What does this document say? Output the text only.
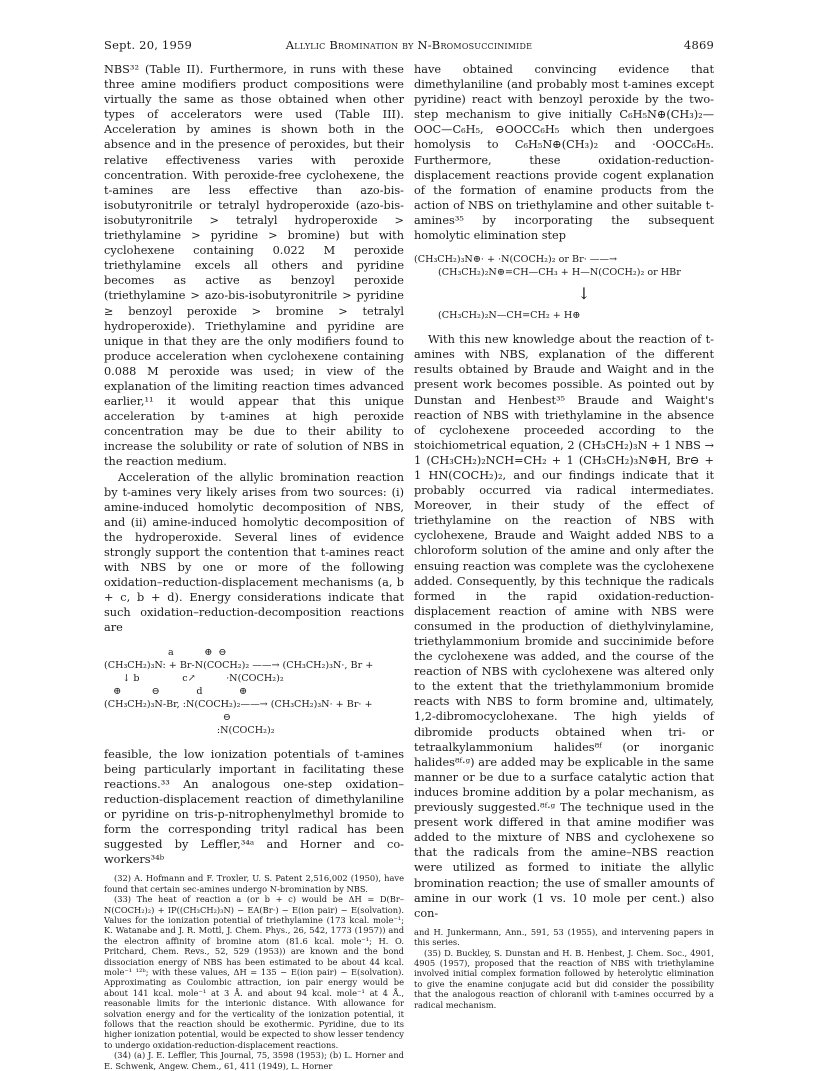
Sept. 20, 1959	Allylic Bromination by N-Bromosuccinimide	4869

NBS³² (Table II). Furthermore, in runs with these three amine modifiers product compositions were virtually the same as those obtained when other types of accelerators were used (Table III). Acceleration by amines is shown both in the absence and in the presence of peroxides, but their relative effectiveness varies with peroxide concentration. With peroxide-free cyclohexene, the t-amines are less effective than azo-bis-isobutyronitrile or tetralyl hydroperoxide (azo-bis-isobutyronitrile > tetralyl hydroperoxide > triethylamine > pyridine > bromine) but with cyclohexene containing 0.022 M peroxide triethylamine excels all others and pyridine becomes as active as benzoyl peroxide (triethylamine > azo-bis-isobutyronitrile > pyridine ≥ benzoyl peroxide > bromine > tetralyl hydroperoxide). Triethylamine and pyridine are unique in that they are the only modifiers found to produce acceleration when cyclohexene containing 0.088 M peroxide was used; in view of the explanation of the limiting reaction times advanced earlier,¹¹ it would appear that this unique acceleration by t-amines at high peroxide concentration may be due to their ability to increase the solubility or rate of solution of NBS in the reaction medium.

Acceleration of the allylic bromination reaction by t-amines very likely arises from two sources: (i) amine-induced homolytic decomposition of NBS, and (ii) amine-induced homolytic decomposition of the hydroperoxide. Several lines of evidence strongly support the contention that t-amines react with NBS by one or more of the following oxidation–reduction-displacement mechanisms (a, b + c, b + d). Energy considerations indicate that such oxidation–reduction-decomposition reactions are

a          ⊕  ⊖
(CH₃CH₂)₃N: + Br-N(COCH₂)₂ ——→ (CH₃CH₂)₃N·, Br +
↓ b              c↗          ·N(COCH₂)₂
⊕          ⊖            d            ⊕
(CH₃CH₂)₃N-Br, :N(COCH₂)₂——→ (CH₃CH₂)₃N· + Br· +
⊖
:N(COCH₂)₂

feasible, the low ionization potentials of t-amines being particularly important in facilitating these reactions.³³ An analogous one-step oxidation–reduction-displacement reaction of dimethylaniline or pyridine on tris-p-nitrophenylmethyl bromide to form the corresponding trityl radical has been suggested by Leffler,³⁴ᵃ and Horner and co-workers³⁴ᵇ

(32) A. Hofmann and F. Troxler, U. S. Patent 2,516,002 (1950), have found that certain sec-amines undergo N-bromination by NBS.

(33) The heat of reaction a (or b + c) would be ΔH = D(Br–N(COCH₂)₂) + IP((CH₃CH₂)₃N) − EA(Br·) − E(ion pair) − E(solvation). Values for the ionization potential of triethylamine (173 kcal. mole⁻¹; K. Watanabe and J. R. Mottl, J. Chem. Phys., 26, 542, 1773 (1957)) and the electron affinity of bromine atom (81.6 kcal. mole⁻¹; H. O. Pritchard, Chem. Revs., 52, 529 (1953)) are known and the bond dissociation energy of NBS has been estimated to be about 44 kcal. mole⁻¹ ¹²ᵇ; with these values, ΔH = 135 − E(ion pair) − E(solvation). Approximating as Coulombic attraction, ion pair energy would be about 141 kcal. mole⁻¹ at 3 Å. and about 94 kcal. mole⁻¹ at 4 Å., reasonable limits for the interionic distance. With allowance for solvation energy and for the verticality of the ionization potential, it follows that the reaction should be exothermic. Pyridine, due to its higher ionization potential, would be expected to show lesser tendency to undergo oxidation-reduction-displacement reactions.

(34) (a) J. E. Leffler, This Journal, 75, 3598 (1953); (b) L. Horner and E. Schwenk, Angew. Chem., 61, 411 (1949), L. Horner

have obtained convincing evidence that dimethylaniline (and probably most t-amines except pyridine) react with benzoyl peroxide by the two-step mechanism to give initially C₆H₅N⊕(CH₃)₂—OOC—C₆H₅, ⊖OOCC₆H₅ which then undergoes homolysis to C₆H₅N⊕(CH₃)₂ and ·OOCC₆H₅. Furthermore, these oxidation-reduction-displacement reactions provide cogent explanation of the formation of enamine products from the action of NBS on triethylamine and other suitable t-amines³⁵ by incorporating the subsequent homolytic elimination step

(CH₃CH₂)₃N⊕· + ·N(COCH₂)₂ or Br· ——→
(CH₃CH₂)₂N⊕=CH—CH₃ + H—N(COCH₂)₂ or HBr
↓
(CH₃CH₂)₂N—CH=CH₂ + H⊕

With this new knowledge about the reaction of t-amines with NBS, explanation of the different results obtained by Braude and Waight and in the present work becomes possible. As pointed out by Dunstan and Henbest³⁵ Braude and Waight's reaction of NBS with triethylamine in the absence of cyclohexene proceeded according to the stoichiometrical equation, 2 (CH₃CH₂)₃N + 1 NBS → 1 (CH₃CH₂)₂NCH=CH₂ + 1 (CH₃CH₂)₃N⊕H, Br⊖ + 1 HN(COCH₂)₂, and our findings indicate that it probably occurred via radical intermediates. Moreover, in their study of the effect of triethylamine on the reaction of NBS with cyclohexene, Braude and Waight added NBS to a chloroform solution of the amine and only after the ensuing reaction was complete was the cyclohexene added. Consequently, by this technique the radicals formed in the rapid oxidation-reduction-displacement reaction of amine with NBS were consumed in the production of diethylvinylamine, triethylammonium bromide and succinimide before the cyclohexene was added, and the course of the reaction of NBS with cyclohexene was altered only to the extent that the triethylammonium bromide reacts with NBS to form bromine and, ultimately, 1,2-dibromocyclohexane. The high yields of dibromide products obtained when tri- or tetraalkylammonium halides⁸ᶠ (or inorganic halides⁸ᶠ·ᵍ) are added may be explicable in the same manner or be due to a surface catalytic action that induces bromine addition by a polar mechanism, as previously suggested.⁸ᶠ·ᵍ The technique used in the present work differed in that amine modifier was added to the mixture of NBS and cyclohexene so that the radicals from the amine–NBS reaction were utilized as formed to initiate the allylic bromination reaction; the use of smaller amounts of amine in our work (1 vs. 10 mole per cent.) also con-

and H. Junkermann, Ann., 591, 53 (1955), and intervening papers in this series.

(35) D. Buckley, S. Dunstan and H. B. Henbest, J. Chem. Soc., 4901, 4905 (1957), proposed that the reaction of NBS with triethylamine involved initial complex formation followed by heterolytic elimination to give the enamine conjugate acid but did consider the possibility that the analogous reaction of chloranil with t-amines occurred by a radical mechanism.
